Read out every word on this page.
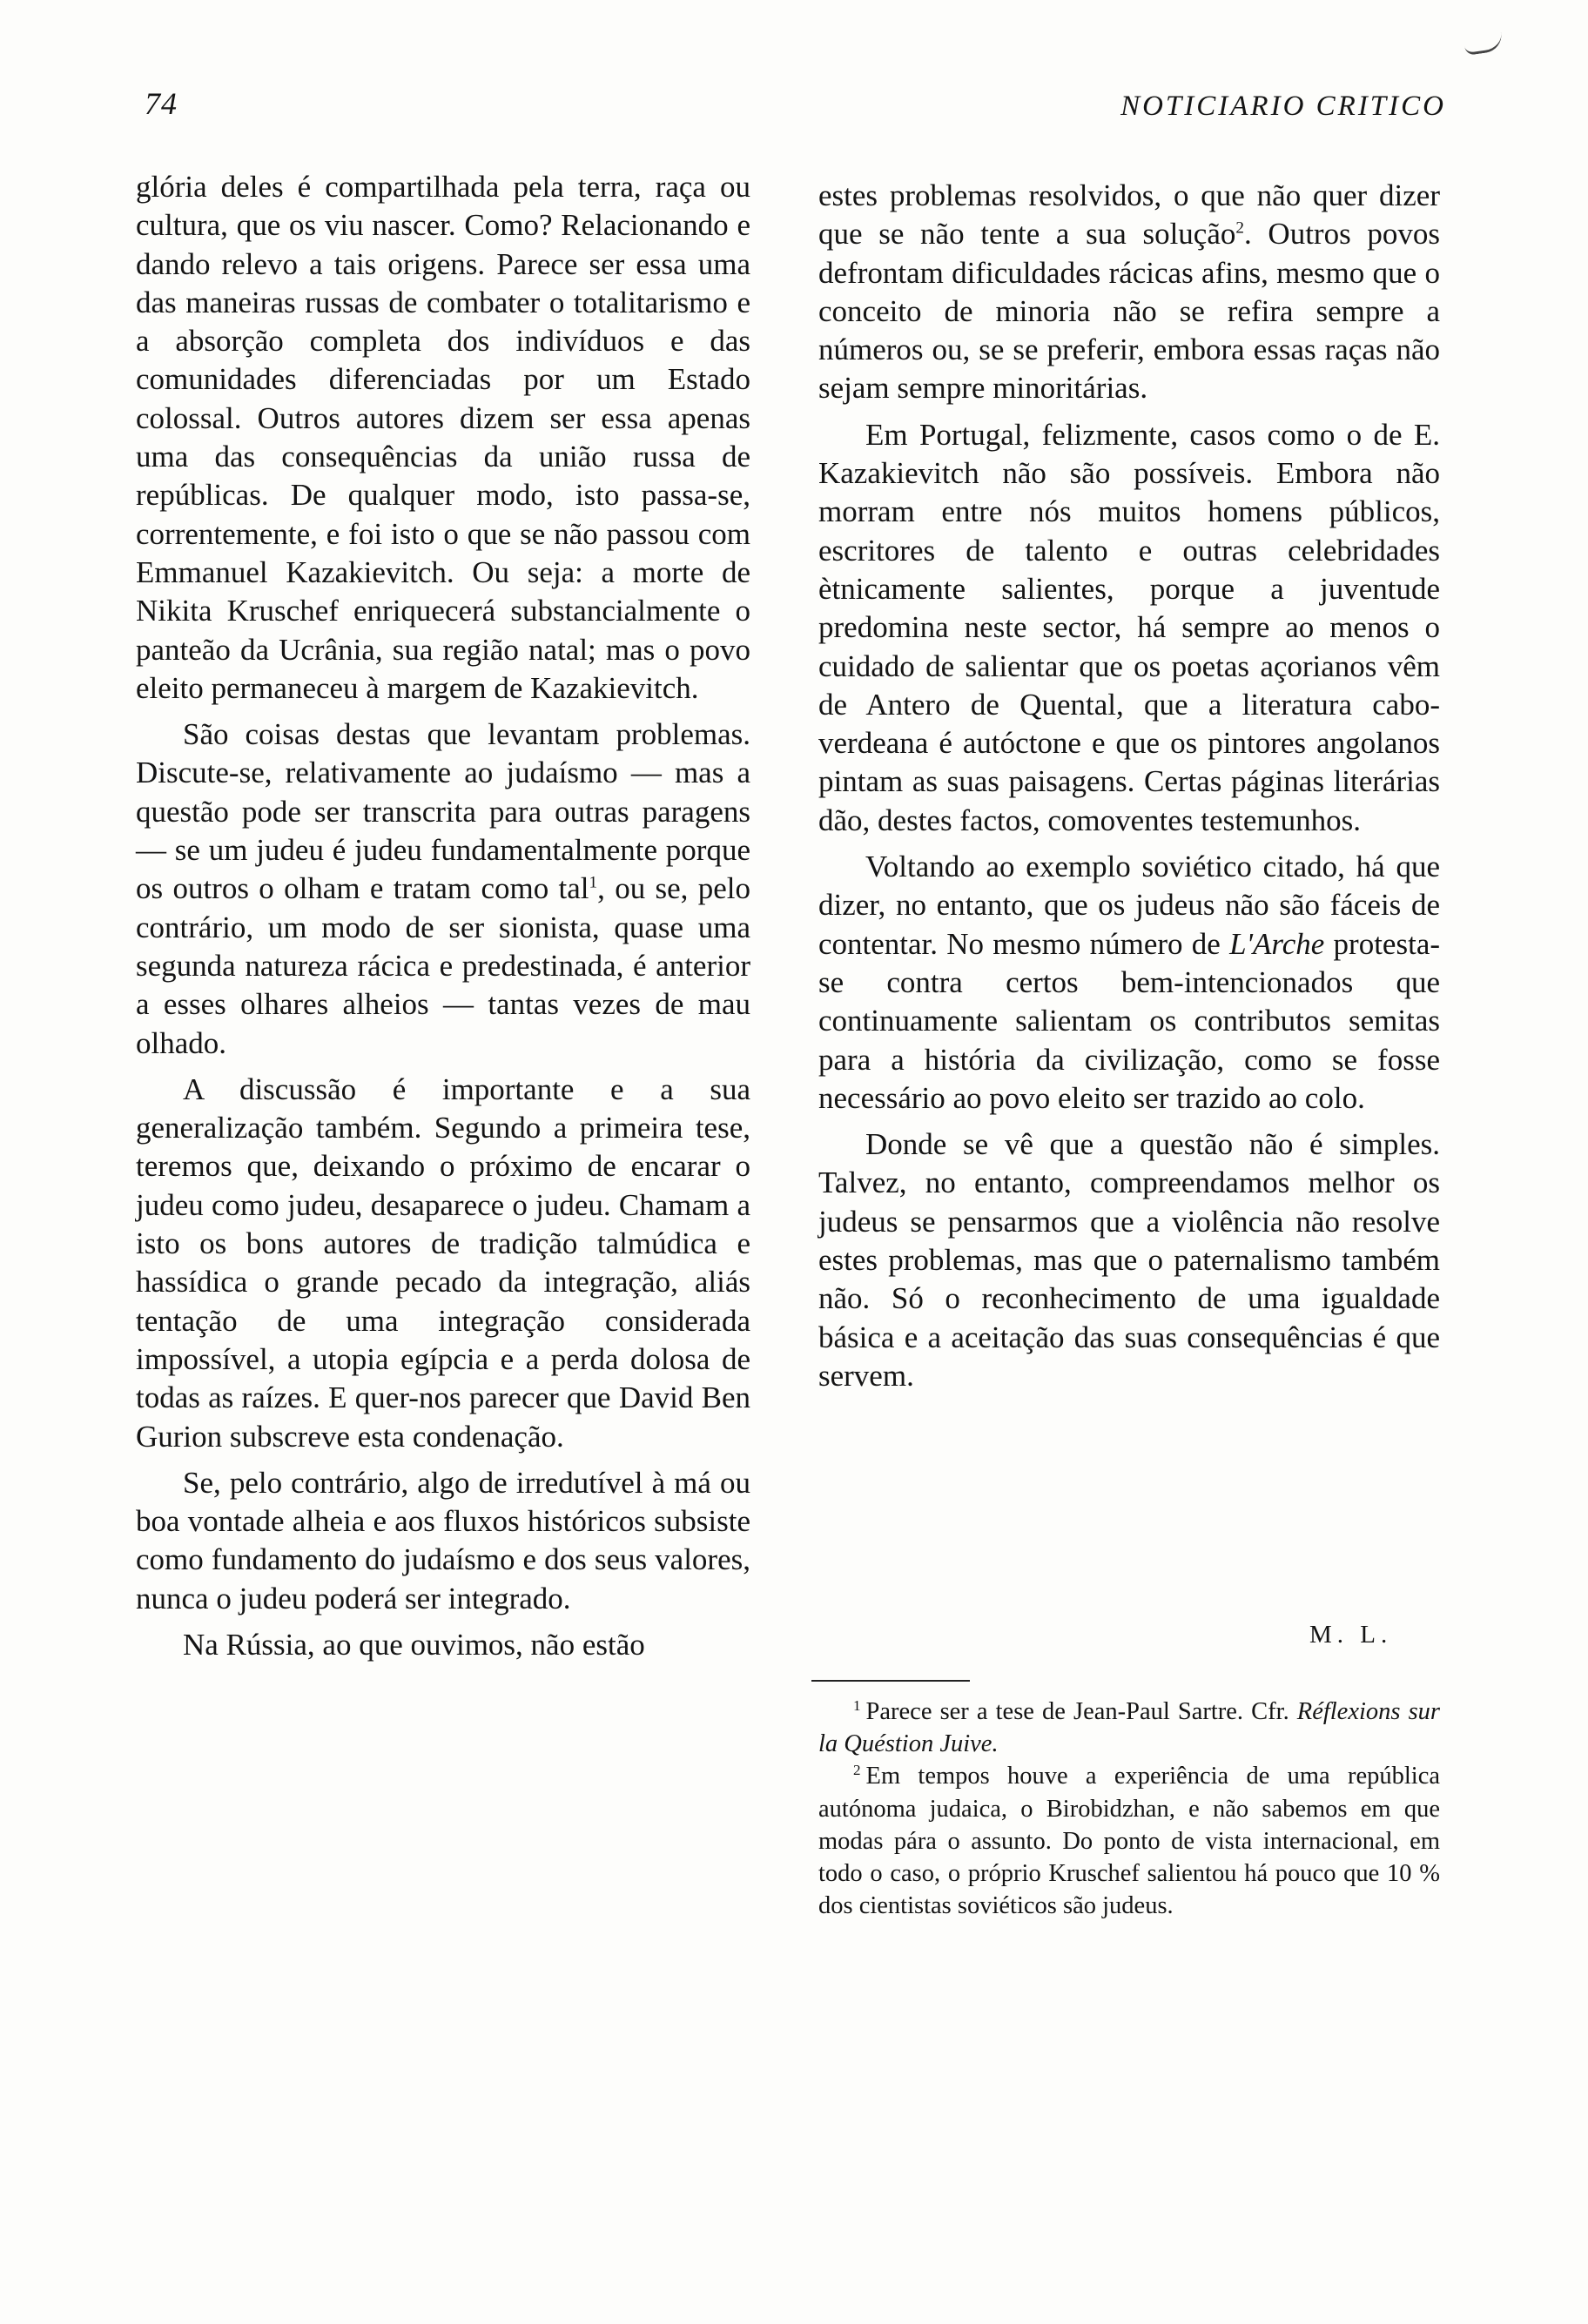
74	NOTICIARIO CRITICO

glória deles é compartilhada pela terra, raça ou cultura, que os viu nascer. Como? Relacionando e dando relevo a tais origens. Parece ser essa uma das maneiras russas de combater o totalitarismo e a absorção completa dos indivíduos e das comunidades diferenciadas por um Estado colossal. Outros autores dizem ser essa apenas uma das consequências da união russa de repúblicas. De qualquer modo, isto passa-se, correntemente, e foi isto o que se não passou com Emmanuel Kazakievitch. Ou seja: a morte de Nikita Kruschef enriquecerá substancialmente o panteão da Ucrânia, sua região natal; mas o povo eleito permaneceu à margem de Kazakievitch.

São coisas destas que levantam problemas. Discute-se, relativamente ao judaísmo — mas a questão pode ser transcrita para outras paragens — se um judeu é judeu fundamentalmente porque os outros o olham e tratam como tal$^1$, ou se, pelo contrário, um modo de ser sionista, quase uma segunda natureza rácica e predestinada, é anterior a esses olhares alheios — tantas vezes de mau olhado.

A discussão é importante e a sua generalização também. Segundo a primeira tese, teremos que, deixando o próximo de encarar o judeu como judeu, desaparece o judeu. Chamam a isto os bons autores de tradição talmúdica e hassídica o grande pecado da integração, aliás tentação de uma integração considerada impossível, a utopia egípcia e a perda dolosa de todas as raízes. E quer-nos parecer que David Ben Gurion subscreve esta condenação.

Se, pelo contrário, algo de irredutível à má ou boa vontade alheia e aos fluxos históricos subsiste como fundamento do judaísmo e dos seus valores, nunca o judeu poderá ser integrado.

Na Rússia, ao que ouvimos, não estão

estes problemas resolvidos, o que não quer dizer que se não tente a sua solução$^2$. Outros povos defrontam dificuldades rácicas afins, mesmo que o conceito de minoria não se refira sempre a números ou, se se preferir, embora essas raças não sejam sempre minoritárias.

Em Portugal, felizmente, casos como o de E. Kazakievitch não são possíveis. Embora não morram entre nós muitos homens públicos, escritores de talento e outras celebridades ètnicamente salientes, porque a juventude predomina neste sector, há sempre ao menos o cuidado de salientar que os poetas açorianos vêm de Antero de Quental, que a literatura cabo-verdeana é autóctone e que os pintores angolanos pintam as suas paisagens. Certas páginas literárias dão, destes factos, comoventes testemunhos.

Voltando ao exemplo soviético citado, há que dizer, no entanto, que os judeus não são fáceis de contentar. No mesmo número de L'Arche protesta-se contra certos bem-intencionados que continuamente salientam os contributos semitas para a história da civilização, como se fosse necessário ao povo eleito ser trazido ao colo.

Donde se vê que a questão não é simples. Talvez, no entanto, compreendamos melhor os judeus se pensarmos que a violência não resolve estes problemas, mas que o paternalismo também não. Só o reconhecimento de uma igualdade básica e a aceitação das suas consequências é que servem.

M. L.

$^1$ Parece ser a tese de Jean-Paul Sartre. Cfr. Réflexions sur la Quéstion Juive.

$^2$ Em tempos houve a experiência de uma república autónoma judaica, o Birobidzhan, e não sabemos em que modas pára o assunto. Do ponto de vista internacional, em todo o caso, o próprio Kruschef salientou há pouco que 10 % dos cientistas soviéticos são judeus.
